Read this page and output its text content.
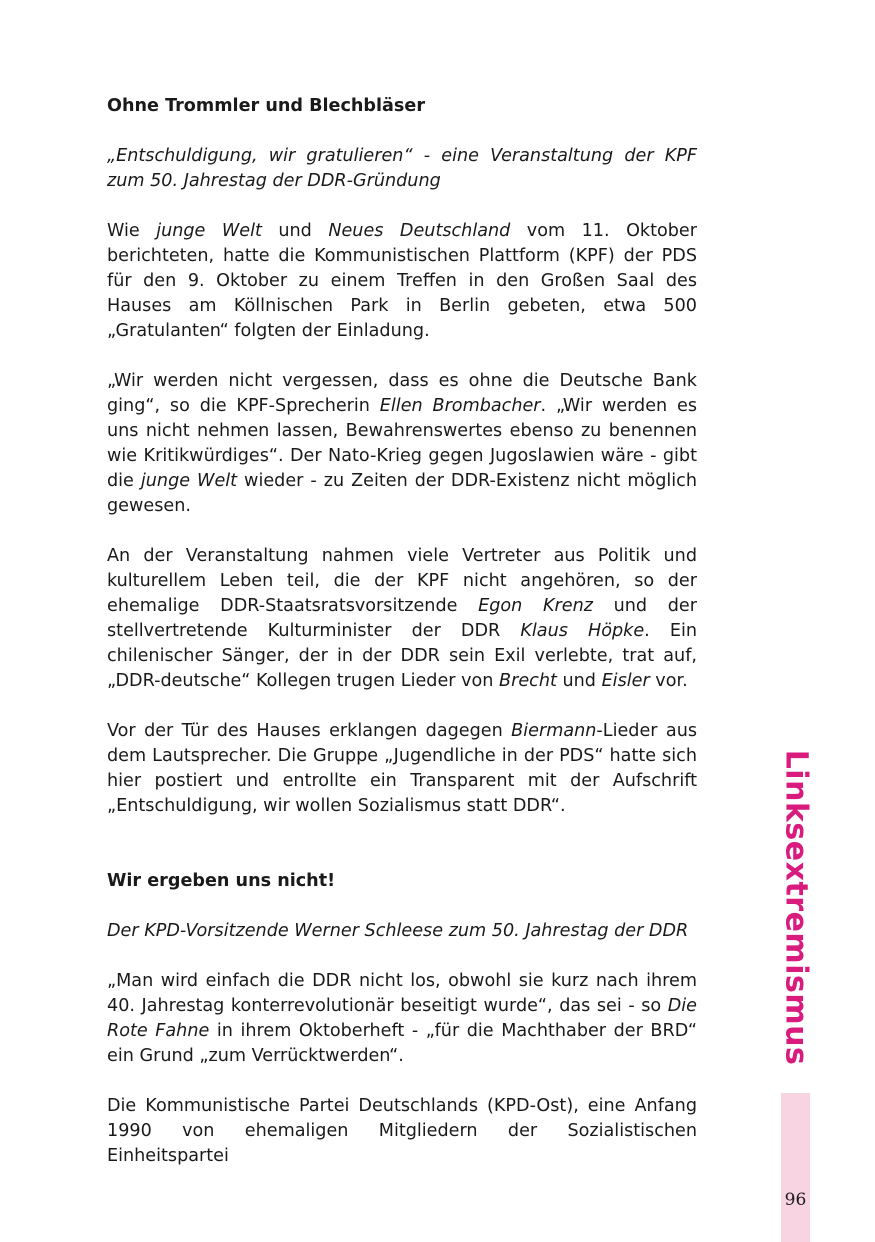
Ohne Trommler und Blechbläser
„Entschuldigung, wir gratulieren“ - eine Veranstaltung der KPF zum 50. Jahrestag der DDR-Gründung

Wie junge Welt und Neues Deutschland vom 11. Oktober berichteten, hatte die Kommunistischen Plattform (KPF) der PDS für den 9. Oktober zu einem Treffen in den Großen Saal des Hauses am Köllnischen Park in Berlin gebeten, etwa 500 „Gratulanten“ folgten der Einladung.

„Wir werden nicht vergessen, dass es ohne die Deutsche Bank ging“, so die KPF-Sprecherin Ellen Brombacher. „Wir werden es uns nicht nehmen lassen, Bewahrenswertes ebenso zu benennen wie Kritikwürdiges“. Der Nato-Krieg gegen Jugoslawien wäre - gibt die junge Welt wieder - zu Zeiten der DDR-Existenz nicht möglich gewesen.

An der Veranstaltung nahmen viele Vertreter aus Politik und kulturellem Leben teil, die der KPF nicht angehören, so der ehemalige DDR-Staatsratsvorsitzende Egon Krenz und der stellvertretende Kulturminister der DDR Klaus Höpke. Ein chilenischer Sänger, der in der DDR sein Exil verlebte, trat auf, „DDR-deutsche“ Kollegen trugen Lieder von Brecht und Eisler vor.

Vor der Tür des Hauses erklangen dagegen Biermann-Lieder aus dem Lautsprecher. Die Gruppe „Jugendliche in der PDS“ hatte sich hier postiert und entrollte ein Transparent mit der Aufschrift „Entschuldigung, wir wollen Sozialismus statt DDR“.

Wir ergeben uns nicht!
Der KPD-Vorsitzende Werner Schleese zum 50. Jahrestag der DDR

„Man wird einfach die DDR nicht los, obwohl sie kurz nach ihrem 40. Jahrestag konterrevolutionär beseitigt wurde“, das sei - so Die Rote Fahne in ihrem Oktoberheft - „für die Machthaber der BRD“ ein Grund „zum Verrücktwerden“.

Die Kommunistische Partei Deutschlands (KPD-Ost), eine Anfang 1990 von ehemaligen Mitgliedern der Sozialistischen Einheitspartei

Linksextremismus
96
